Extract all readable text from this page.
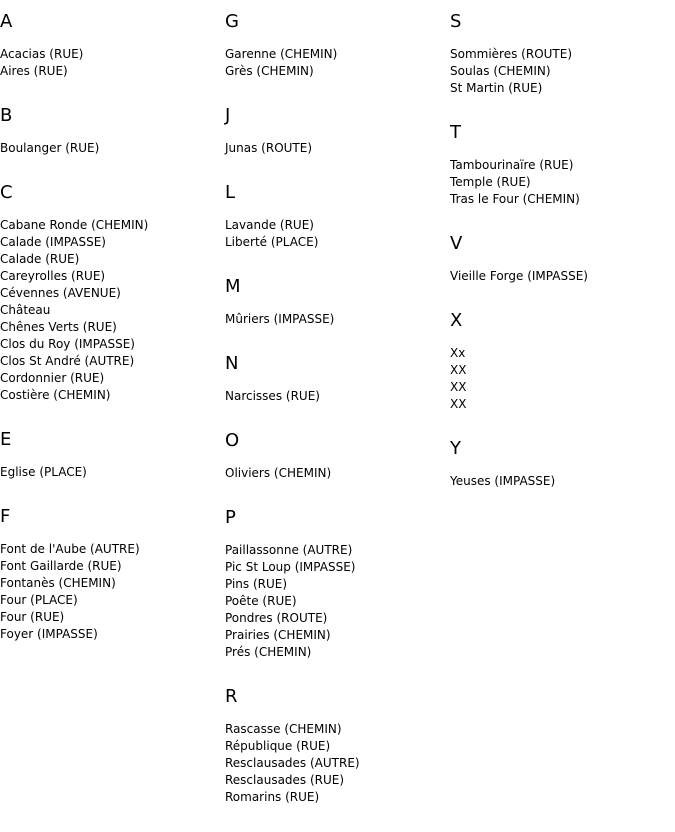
A
Acacias (RUE)
Aires (RUE)
B
Boulanger (RUE)
C
Cabane Ronde (CHEMIN)
Calade (IMPASSE)
Calade (RUE)
Careyrolles (RUE)
Cévennes (AVENUE)
Château
Chênes Verts (RUE)
Clos du Roy (IMPASSE)
Clos St André (AUTRE)
Cordonnier (RUE)
Costière (CHEMIN)
E
Eglise (PLACE)
F
Font de l'Aube (AUTRE)
Font Gaillarde (RUE)
Fontanès (CHEMIN)
Four (PLACE)
Four (RUE)
Foyer (IMPASSE)
G
Garenne (CHEMIN)
Grès (CHEMIN)
J
Junas (ROUTE)
L
Lavande (RUE)
Liberté (PLACE)
M
Mûriers (IMPASSE)
N
Narcisses (RUE)
O
Oliviers (CHEMIN)
P
Paillassonne (AUTRE)
Pic St Loup (IMPASSE)
Pins (RUE)
Poête (RUE)
Pondres (ROUTE)
Prairies (CHEMIN)
Prés (CHEMIN)
R
Rascasse (CHEMIN)
République (RUE)
Resclausades (AUTRE)
Resclausades (RUE)
Romarins (RUE)
S
Sommières (ROUTE)
Soulas (CHEMIN)
St Martin (RUE)
T
Tambourinaïre (RUE)
Temple (RUE)
Tras le Four (CHEMIN)
V
Vieille Forge (IMPASSE)
X
Xx
XX
XX
XX
Y
Yeuses (IMPASSE)
